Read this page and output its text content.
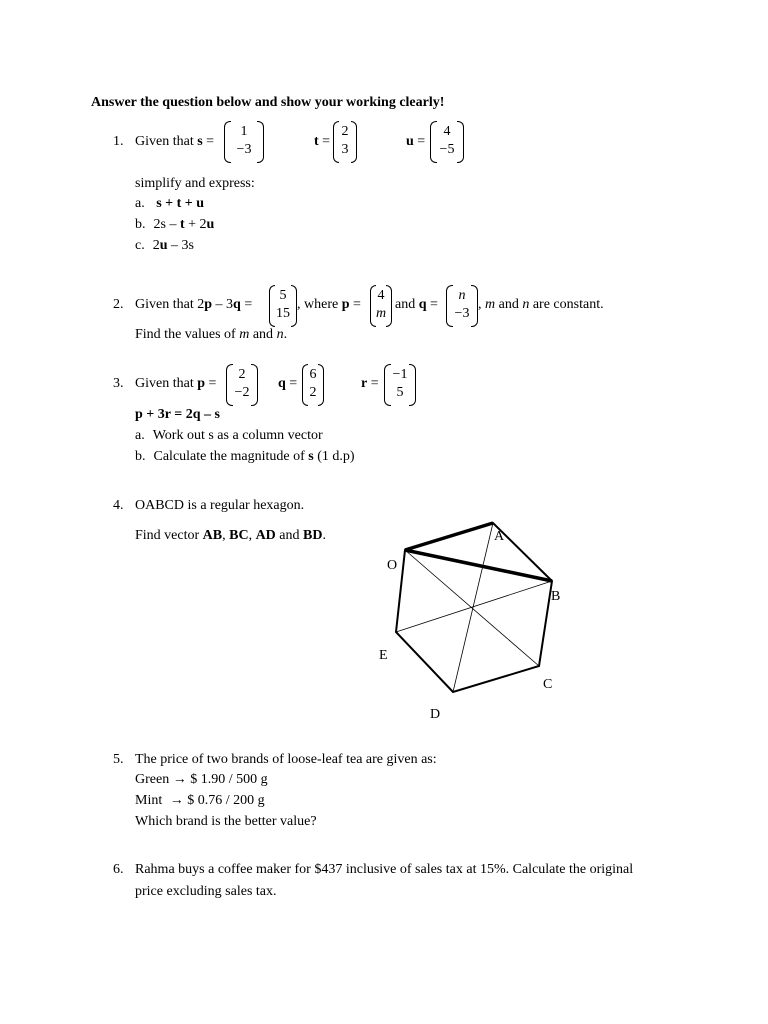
Answer the question below and show your working clearly!
1. Given that s =
1
−3
t =
2
3
u =
4
−5
simplify and express:
a. s + t + u
b. 2s – t + 2u
c. 2u – 3s
2. Given that 2p – 3q =
5
15
, where p =
4
m
and q =
n
−3
, m and n are constant.
Find the values of m and n.
3. Given that p =
2
−2
q =
6
2
r =
−1
5
p + 3r = 2q – s
a. Work out s as a column vector
b. Calculate the magnitude of s (1 d.p)
4. OABCD is a regular hexagon.
Find vector AB, BC, AD and BD.
O
A
B
C
D
E
5. The price of two brands of loose-leaf tea are given as:
Green → $ 1.90 / 500 g
Mint → $ 0.76 / 200 g
Which brand is the better value?
6. Rahma buys a coffee maker for $437 inclusive of sales tax at 15%. Calculate the original
price excluding sales tax.
